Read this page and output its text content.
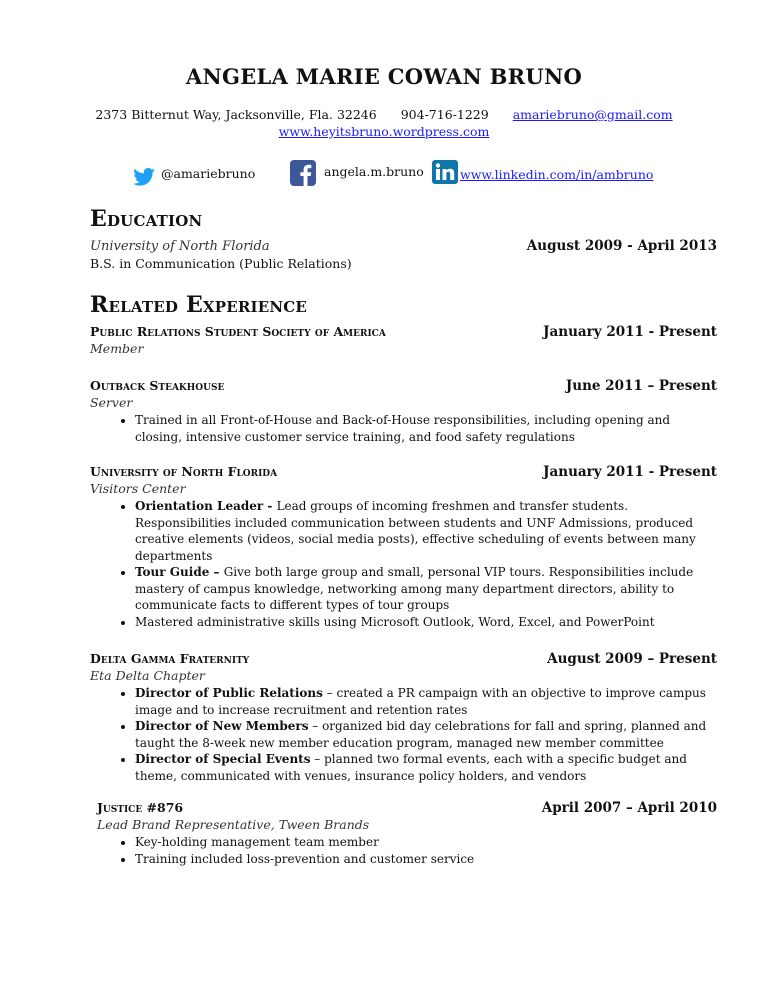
ANGELA MARIE COWAN BRUNO
2373 Bitternut Way, Jacksonville, Fla. 32246 904-716-1229 amariebruno@gmail.com
www.heyitsbruno.wordpress.com
@amariebruno	angela.m.bruno	www.linkedin.com/in/ambruno
Education
University of North Florida	August 2009 - April 2013
B.S. in Communication (Public Relations)
Related Experience
Public Relations Student Society of America	January 2011 - Present
Member
Outback Steakhouse	June 2011 – Present
Server
• Trained in all Front-of-House and Back-of-House responsibilities, including opening and closing, intensive customer service training, and food safety regulations
University of North Florida	January 2011 - Present
Visitors Center
• Orientation Leader - Lead groups of incoming freshmen and transfer students. Responsibilities included communication between students and UNF Admissions, produced creative elements (videos, social media posts), effective scheduling of events between many departments
• Tour Guide – Give both large group and small, personal VIP tours. Responsibilities include mastery of campus knowledge, networking among many department directors, ability to communicate facts to different types of tour groups
• Mastered administrative skills using Microsoft Outlook, Word, Excel, and PowerPoint
Delta Gamma Fraternity	August 2009 – Present
Eta Delta Chapter
• Director of Public Relations – created a PR campaign with an objective to improve campus image and to increase recruitment and retention rates
• Director of New Members – organized bid day celebrations for fall and spring, planned and taught the 8-week new member education program, managed new member committee
• Director of Special Events – planned two formal events, each with a specific budget and theme, communicated with venues, insurance policy holders, and vendors
Justice #876	April 2007 – April 2010
Lead Brand Representative, Tween Brands
• Key-holding management team member
• Training included loss-prevention and customer service
